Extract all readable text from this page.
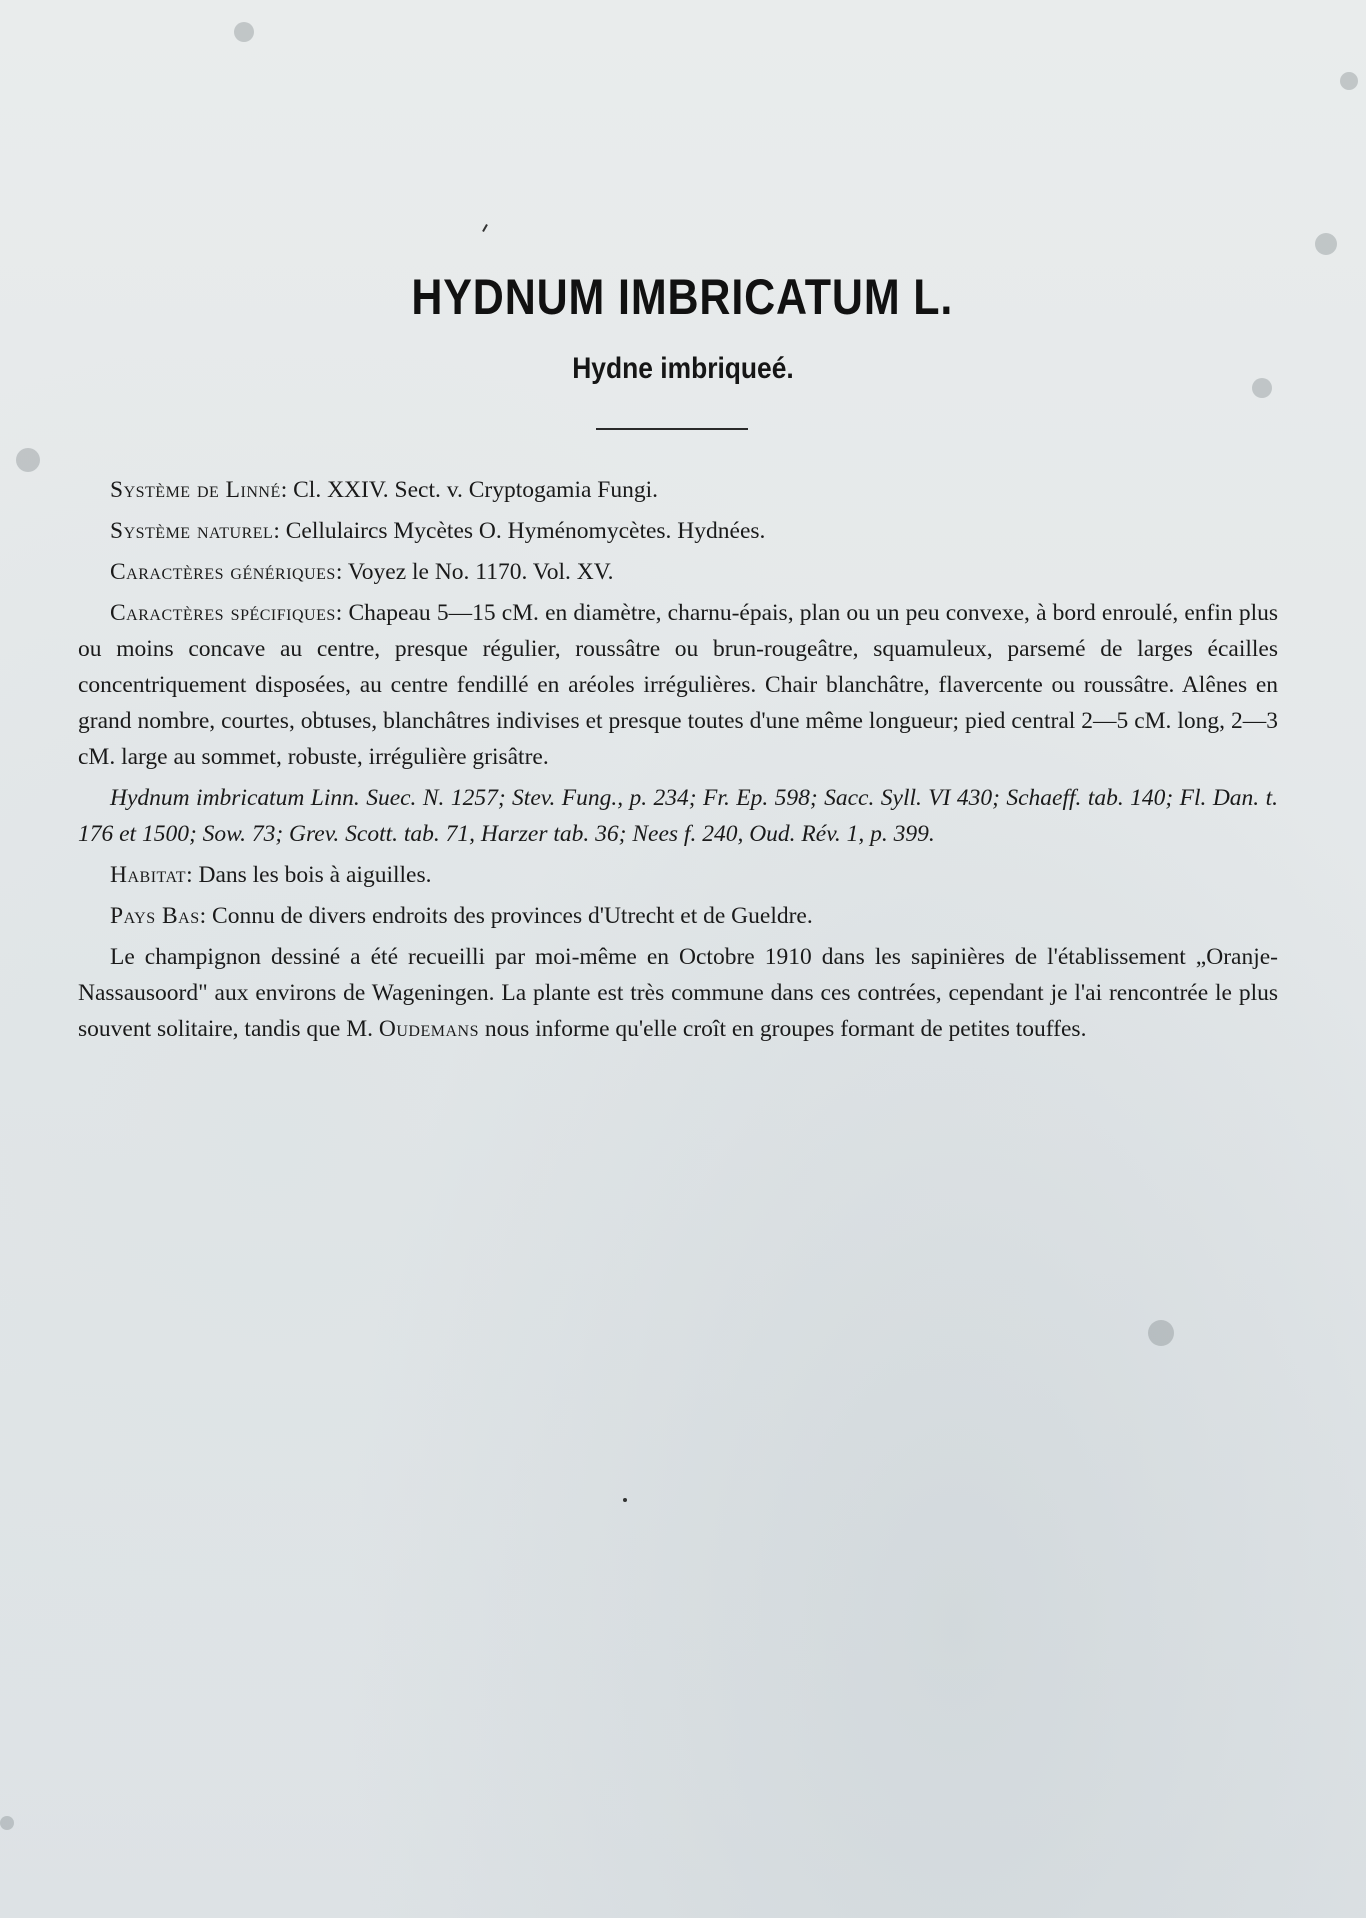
HYDNUM IMBRICATUM L.
Hydne imbriqueé.

Système de Linné: Cl. XXIV. Sect. v. Cryptogamia Fungi.

Système naturel: Cellulaircs Mycètes O. Hyménomycètes. Hydnées.

Caractères génériques: Voyez le No. 1170. Vol. XV.

Caractères spécifiques: Chapeau 5—15 cM. en diamètre, charnu-épais, plan ou un peu convexe, à bord enroulé, enfin plus ou moins concave au centre, presque régulier, roussâtre ou brun-rougeâtre, squamuleux, parsemé de larges écailles concentriquement disposées, au centre fendillé en aréoles irrégulières. Chair blanchâtre, flavercente ou roussâtre. Alênes en grand nombre, courtes, obtuses, blanchâtres indivises et presque toutes d'une même longueur; pied central 2—5 cM. long, 2—3 cM. large au sommet, robuste, irrégulière grisâtre.

Hydnum imbricatum Linn. Suec. N. 1257; Stev. Fung., p. 234; Fr. Ep. 598; Sacc. Syll. VI 430; Schaeff. tab. 140; Fl. Dan. t. 176 et 1500; Sow. 73; Grev. Scott. tab. 71, Harzer tab. 36; Nees f. 240, Oud. Rév. 1, p. 399.

Habitat: Dans les bois à aiguilles.

Pays Bas: Connu de divers endroits des provinces d'Utrecht et de Gueldre.

Le champignon dessiné a été recueilli par moi-même en Octobre 1910 dans les sapinières de l'établissement „Oranje-Nassausoord" aux environs de Wageningen. La plante est très commune dans ces contrées, cependant je l'ai rencontrée le plus souvent solitaire, tandis que M. Oudemans nous informe qu'elle croît en groupes formant de petites touffes.
